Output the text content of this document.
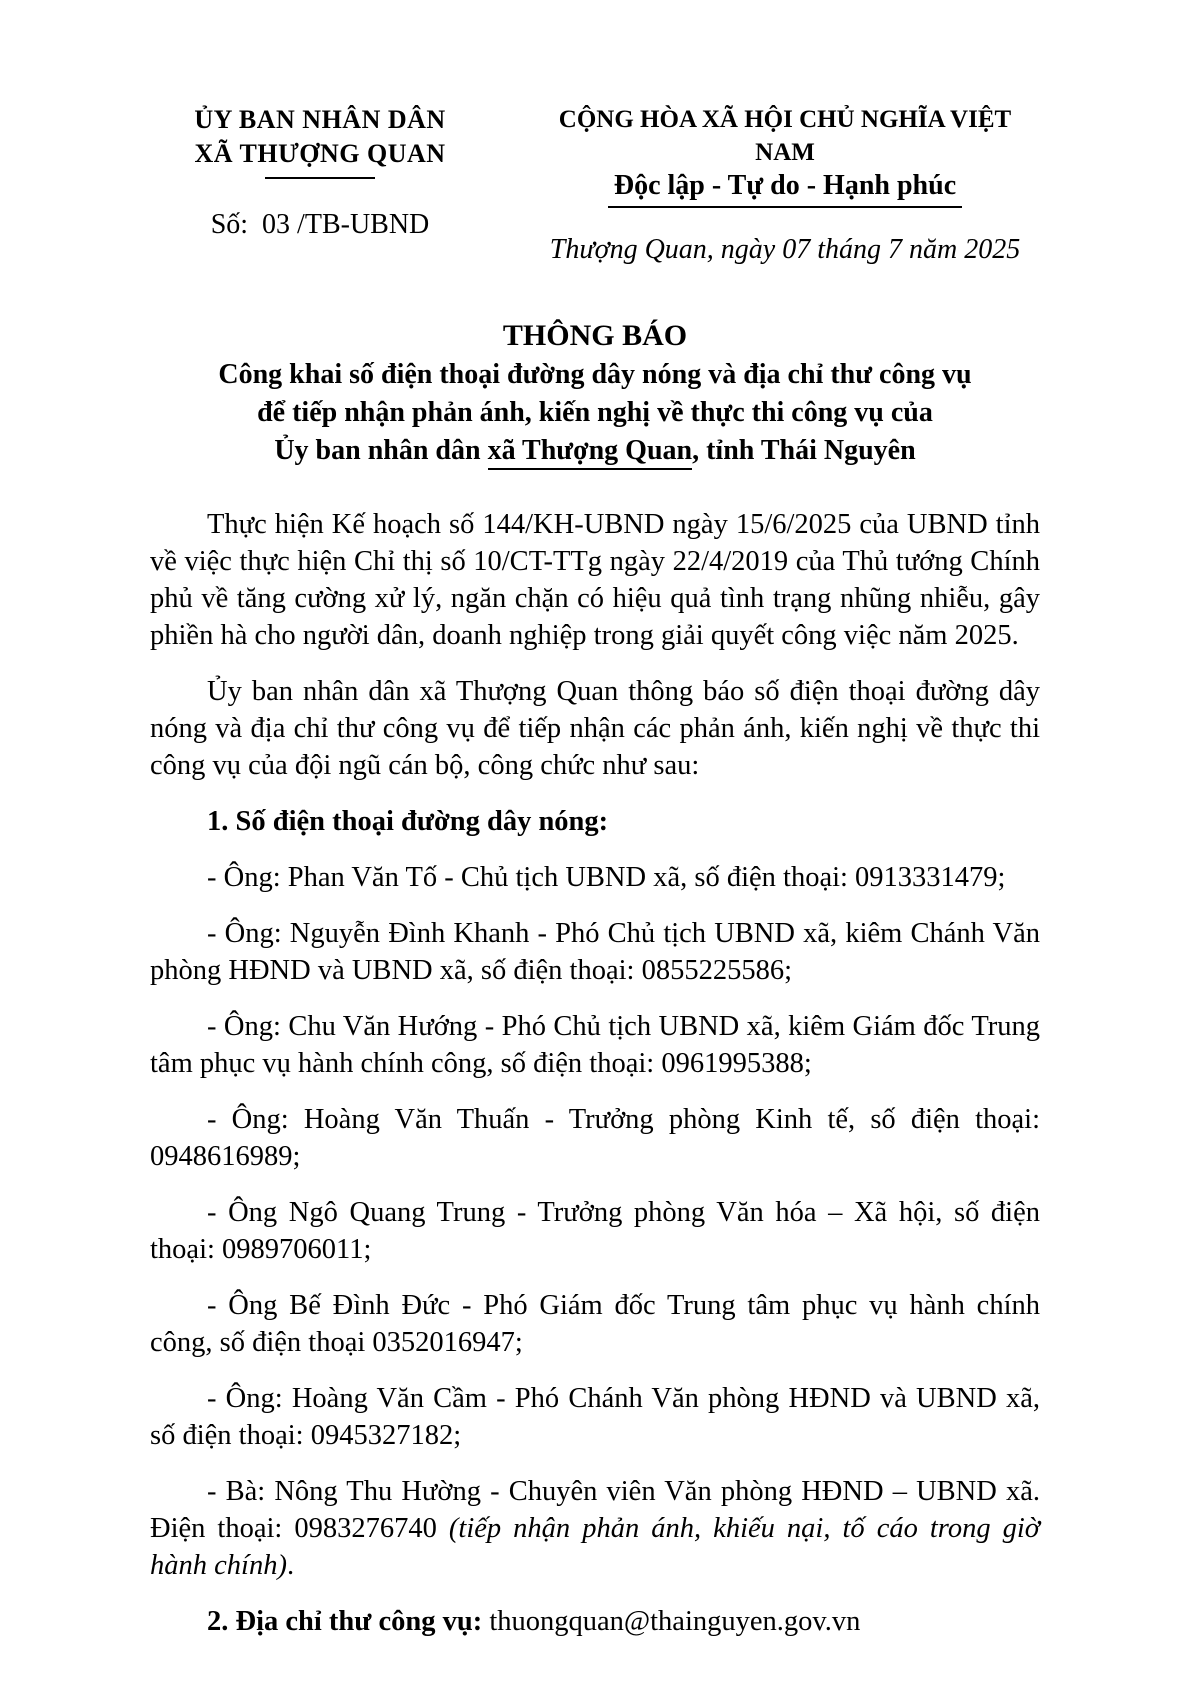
ỦY BAN NHÂN DÂN
XÃ THƯỢNG QUAN
Số:  03 /TB-UBND
CỘNG HÒA XÃ HỘI CHỦ NGHĨA VIỆT NAM
Độc lập - Tự do - Hạnh phúc
Thượng Quan, ngày 07 tháng 7 năm 2025
THÔNG BÁO
Công khai số điện thoại đường dây nóng và địa chỉ thư công vụ
để tiếp nhận phản ánh, kiến nghị về thực thi công vụ của
Ủy ban nhân dân xã Thượng Quan, tỉnh Thái Nguyên

Thực hiện Kế hoạch số 144/KH-UBND ngày 15/6/2025 của UBND tỉnh về việc thực hiện Chỉ thị số 10/CT-TTg ngày 22/4/2019 của Thủ tướng Chính phủ về tăng cường xử lý, ngăn chặn có hiệu quả tình trạng nhũng nhiễu, gây phiền hà cho người dân, doanh nghiệp trong giải quyết công việc năm 2025.

Ủy ban nhân dân xã Thượng Quan thông báo số điện thoại đường dây nóng và địa chỉ thư công vụ để tiếp nhận các phản ánh, kiến nghị về thực thi công vụ của đội ngũ cán bộ, công chức như sau:

1. Số điện thoại đường dây nóng:

- Ông: Phan Văn Tố - Chủ tịch UBND xã, số điện thoại: 0913331479;

- Ông: Nguyễn Đình Khanh - Phó Chủ tịch UBND xã, kiêm Chánh Văn phòng HĐND và UBND xã, số điện thoại: 0855225586;

- Ông: Chu Văn Hướng - Phó Chủ tịch UBND xã, kiêm Giám đốc Trung tâm phục vụ hành chính công, số điện thoại: 0961995388;

- Ông: Hoàng Văn Thuấn - Trưởng phòng Kinh tế, số điện thoại: 0948616989;

- Ông Ngô Quang Trung - Trưởng phòng Văn hóa – Xã hội, số điện thoại: 0989706011;

- Ông Bế Đình Đức - Phó Giám đốc Trung tâm phục vụ hành chính công, số điện thoại 0352016947;

- Ông: Hoàng Văn Cầm - Phó Chánh Văn phòng HĐND và UBND xã, số điện thoại: 0945327182;

- Bà: Nông Thu Hường - Chuyên viên Văn phòng HĐND – UBND xã. Điện thoại: 0983276740 (tiếp nhận phản ánh, khiếu nại, tố cáo trong giờ hành chính).

2. Địa chỉ thư công vụ: thuongquan@thainguyen.gov.vn
